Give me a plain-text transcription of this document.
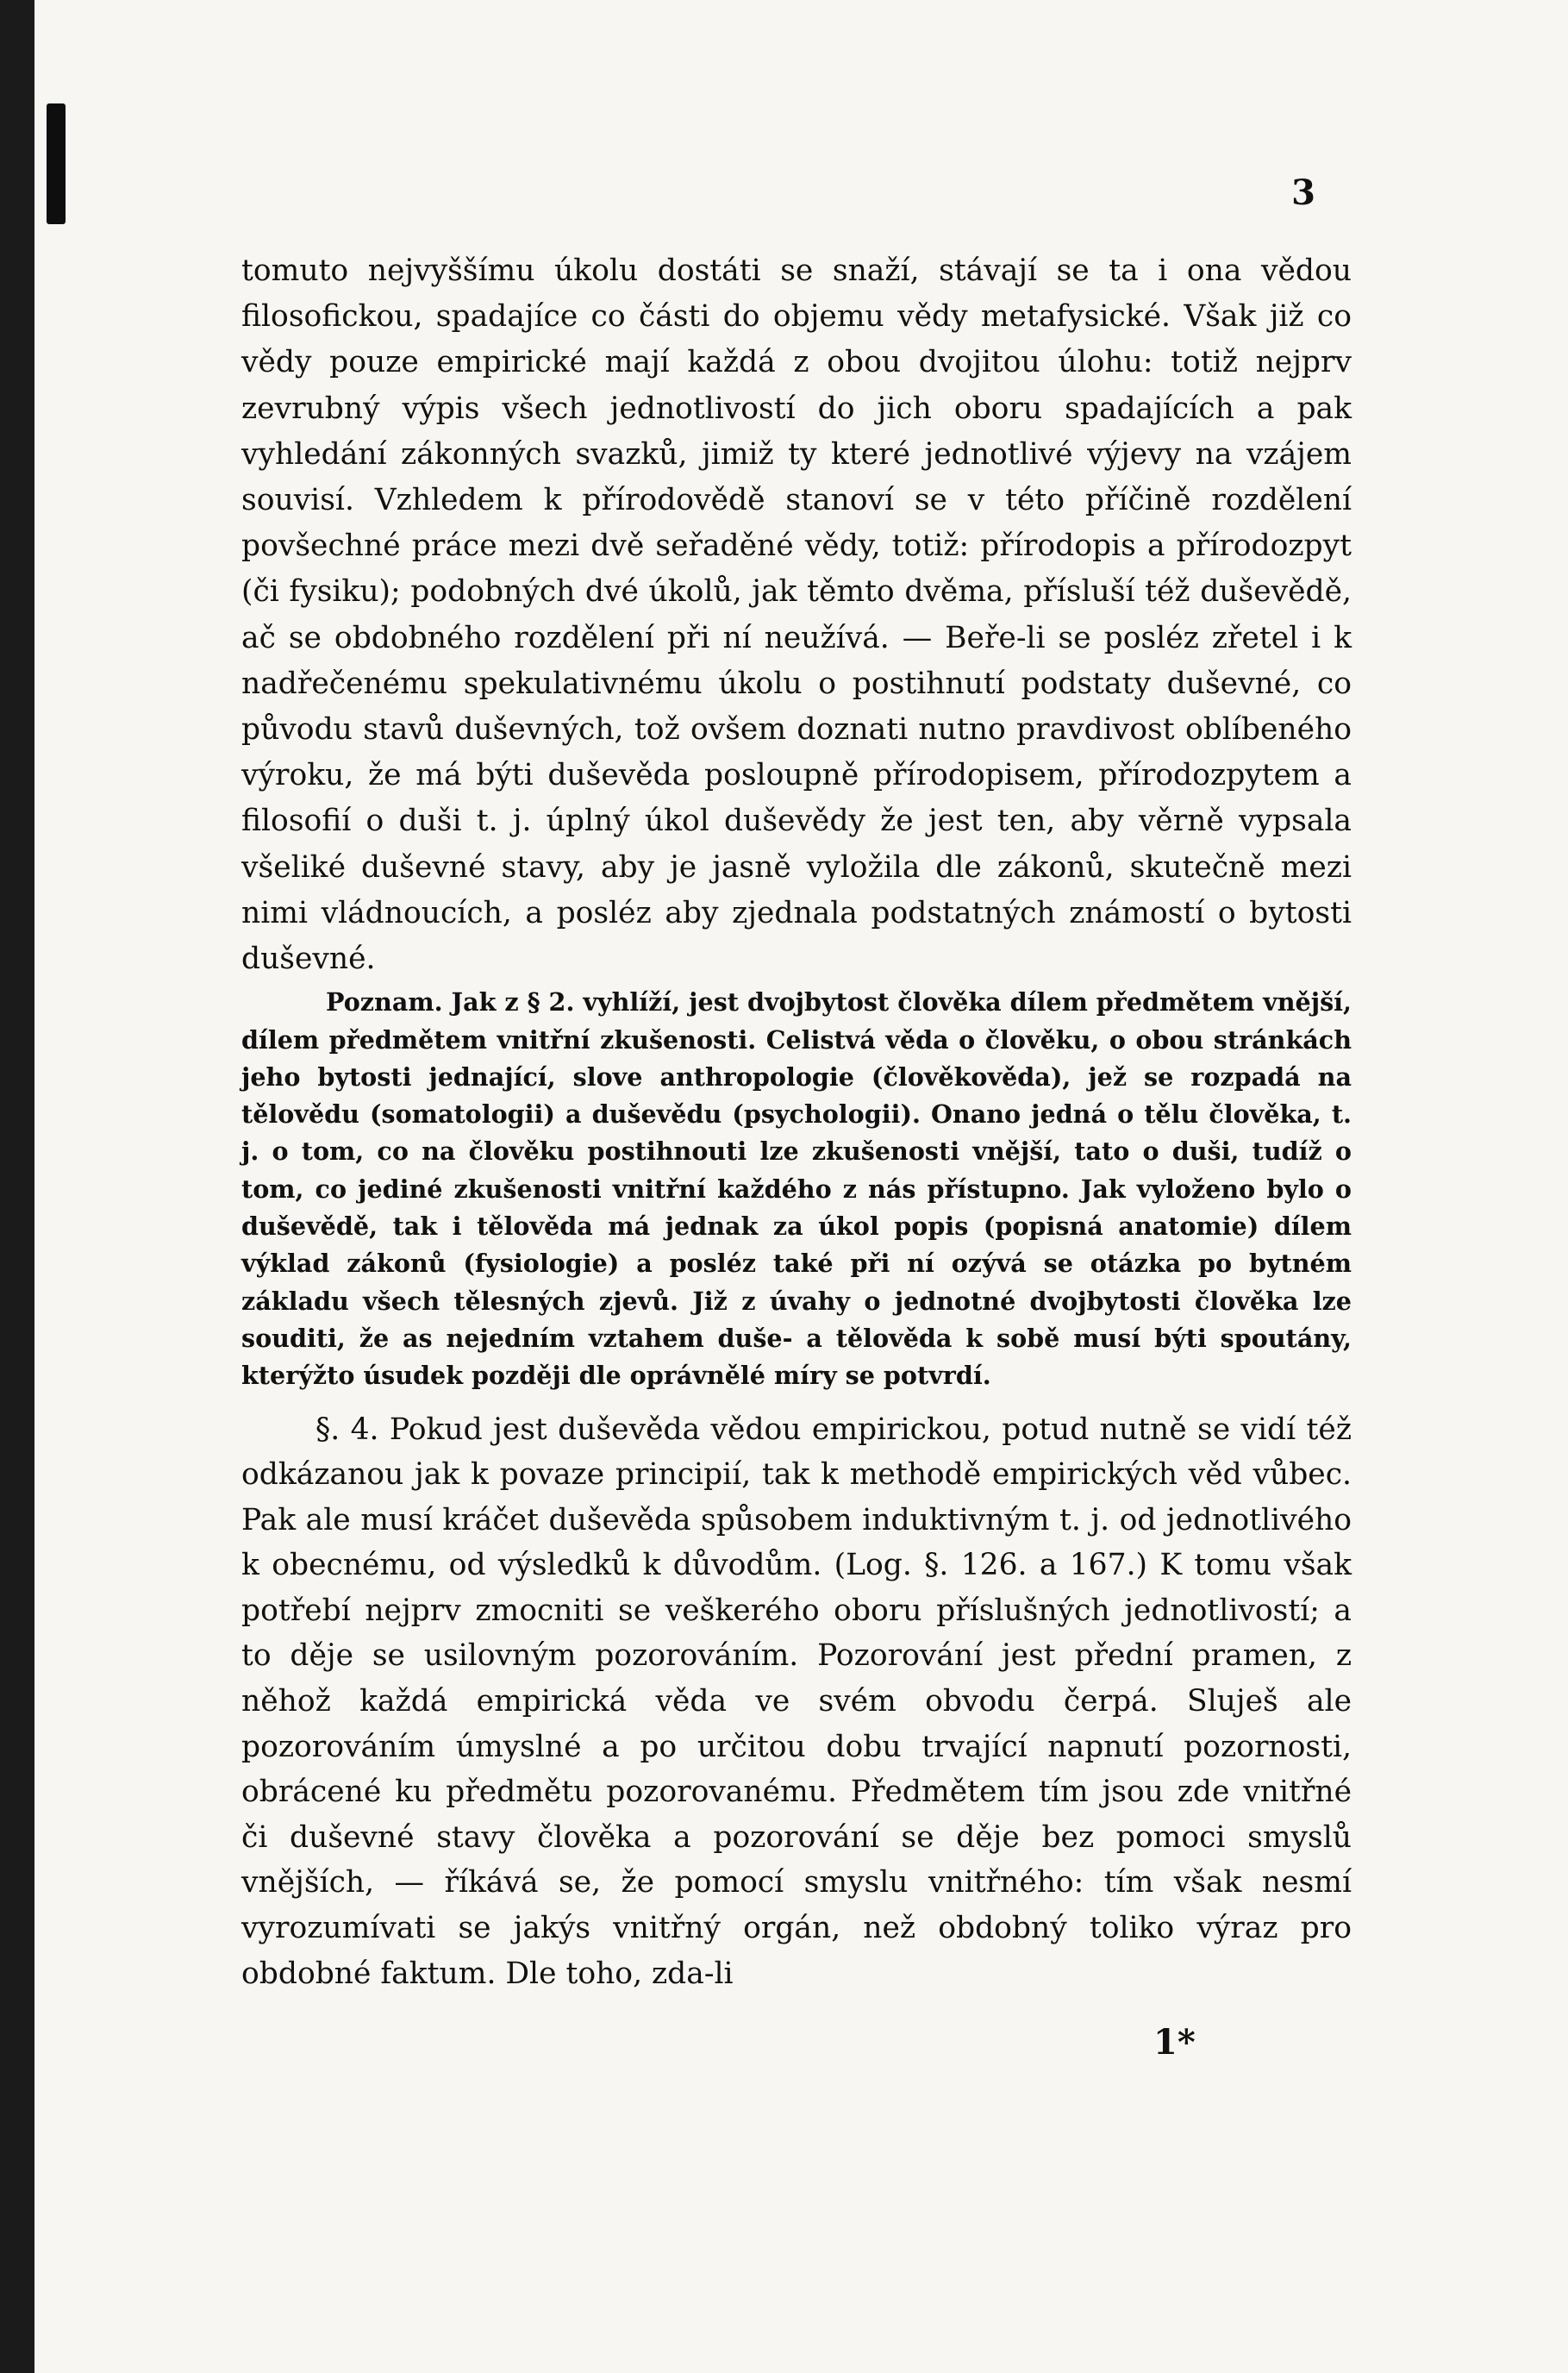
3

tomuto nejvyššímu úkolu dostáti se snaží, stávají se ta i ona vědou filosofickou, spadajíce co části do objemu vědy metafysické. Však již co vědy pouze empirické mají každá z obou dvojitou úlohu: totiž nejprv zevrubný výpis všech jednotlivostí do jich oboru spadajících a pak vyhledání zákonných svazků, jimiž ty které jednotlivé výjevy na vzájem souvisí. Vzhledem k přírodovědě stanoví se v této příčině rozdělení povšechné práce mezi dvě seřaděné vědy, totiž: přírodopis a přírodozpyt (či fysiku); podobných dvé úkolů, jak těmto dvěma, přísluší též duševědě, ač se obdobného rozdělení při ní neužívá. — Beře-li se posléz zřetel i k nadřečenému spekulativnému úkolu o postihnutí podstaty duševné, co původu stavů duševných, tož ovšem doznati nutno pravdivost oblíbeného výroku, že má býti duševěda posloupně přírodopisem, přírodozpytem a filosofií o duši t. j. úplný úkol duševědy že jest ten, aby věrně vypsala všeliké duševné stavy, aby je jasně vyložila dle zákonů, skutečně mezi nimi vládnoucích, a posléz aby zjednala podstatných známostí o bytosti duševné.

Poznam. Jak z § 2. vyhlíží, jest dvojbytost člověka dílem předmětem vnější, dílem předmětem vnitřní zkušenosti. Celistvá věda o člověku, o obou stránkách jeho bytosti jednající, slove anthropologie (člověkověda), jež se rozpadá na tělovědu (somatologii) a duševědu (psychologii). Onano jedná o tělu člověka, t. j. o tom, co na člověku postihnouti lze zkušenosti vnější, tato o duši, tudíž o tom, co jediné zkušenosti vnitřní každého z nás přístupno. Jak vyloženo bylo o duševědě, tak i tělověda má jednak za úkol popis (popisná anatomie) dílem výklad zákonů (fysiologie) a posléz také při ní ozývá se otázka po bytném základu všech tělesných zjevů. Již z úvahy o jednotné dvojbytosti člověka lze souditi, že as nejedním vztahem duše- a tělověda k sobě musí býti spoutány, kterýžto úsudek později dle oprávnělé míry se potvrdí.

§. 4. Pokud jest duševěda vědou empirickou, potud nutně se vidí též odkázanou jak k povaze principií, tak k methodě empirických věd vůbec. Pak ale musí kráčet duševěda spůsobem induktivným t. j. od jednotlivého k obecnému, od výsledků k důvodům. (Log. §. 126. a 167.) K tomu však potřebí nejprv zmocniti se veškerého oboru příslušných jednotlivostí; a to děje se usilovným pozorováním. Pozorování jest přední pramen, z něhož každá empirická věda ve svém obvodu čerpá. Sluješ ale pozorováním úmyslné a po určitou dobu trvající napnutí pozornosti, obrácené ku předmětu pozorovanému. Předmětem tím jsou zde vnitřné či duševné stavy člověka a pozorování se děje bez pomoci smyslů vnějších, — říkává se, že pomocí smyslu vnitřného: tím však nesmí vyrozumívati se jakýs vnitřný orgán, než obdobný toliko výraz pro obdobné faktum. Dle toho, zda-li

1*
